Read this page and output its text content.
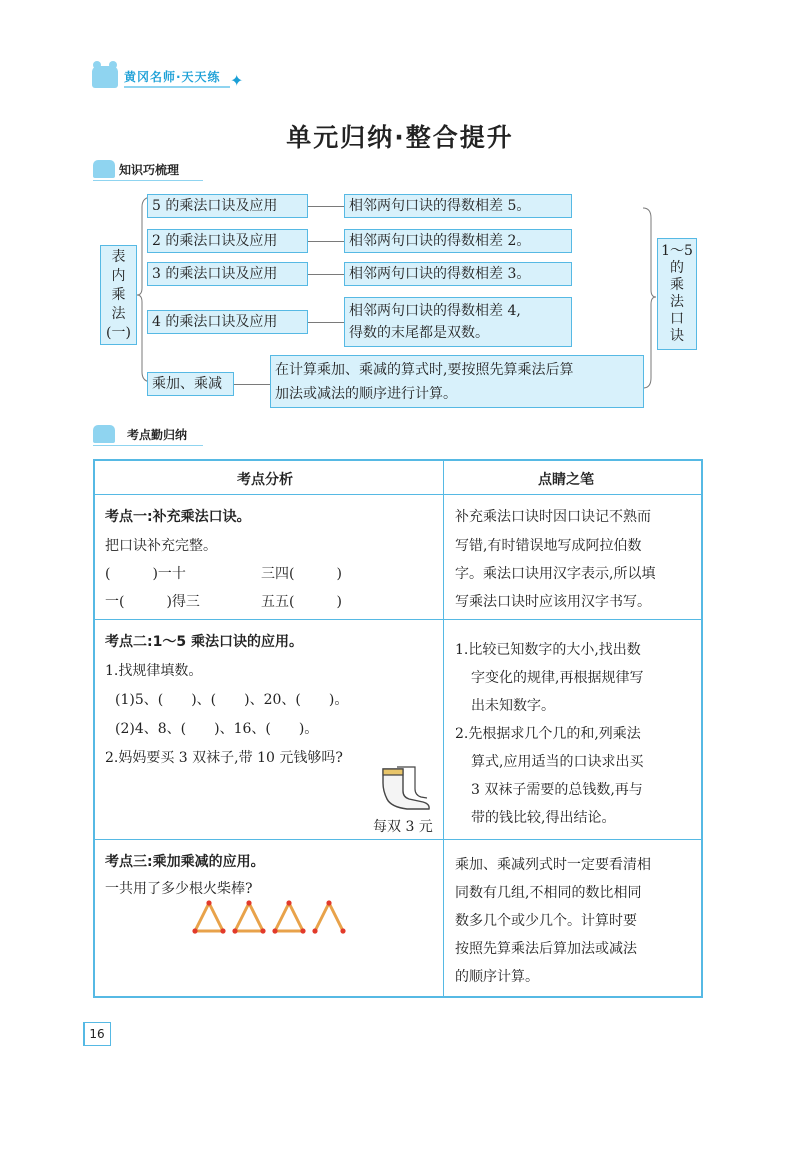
黄冈名师·天天练 ✦
单元归纳·整合提升
知识巧梳理
表
内
乘
法
(一)
5 的乘法口诀及应用	相邻两句口诀的得数相差 5。
2 的乘法口诀及应用	相邻两句口诀的得数相差 2。
3 的乘法口诀及应用	相邻两句口诀的得数相差 3。
4 的乘法口诀及应用
相邻两句口诀的得数相差 4,
得数的末尾都是双数。
乘加、乘减
在计算乘加、乘减的算式时,要按照先算乘法后算
加法或减法的顺序进行计算。
1～5
的
乘
法
口
诀
考点勤归纳
考点分析	点睛之笔
考点一:补充乘法口诀。
把口诀补充完整。
(　　　)一十	三四(　　　)
一(　　　)得三	五五(　　　)
补充乘法口诀时因口诀记不熟而
写错,有时错误地写成阿拉伯数
字。乘法口诀用汉字表示,所以填
写乘法口诀时应该用汉字书写。
考点二:1～5 乘法口诀的应用。
1.找规律填数。
(1)5、(　　)、(　　)、20、(　　)。
(2)4、8、(　　)、16、(　　)。
2.妈妈要买 3 双袜子,带 10 元钱够吗?
每双 3 元
1.比较已知数字的大小,找出数
字变化的规律,再根据规律写
出未知数字。
2.先根据求几个几的和,列乘法
算式,应用适当的口诀求出买
3 双袜子需要的总钱数,再与
带的钱比较,得出结论。
考点三:乘加乘减的应用。
一共用了多少根火柴棒?
乘加、乘减列式时一定要看清相
同数有几组,不相同的数比相同
数多几个或少几个。计算时要
按照先算乘法后算加法或减法
的顺序计算。
16
